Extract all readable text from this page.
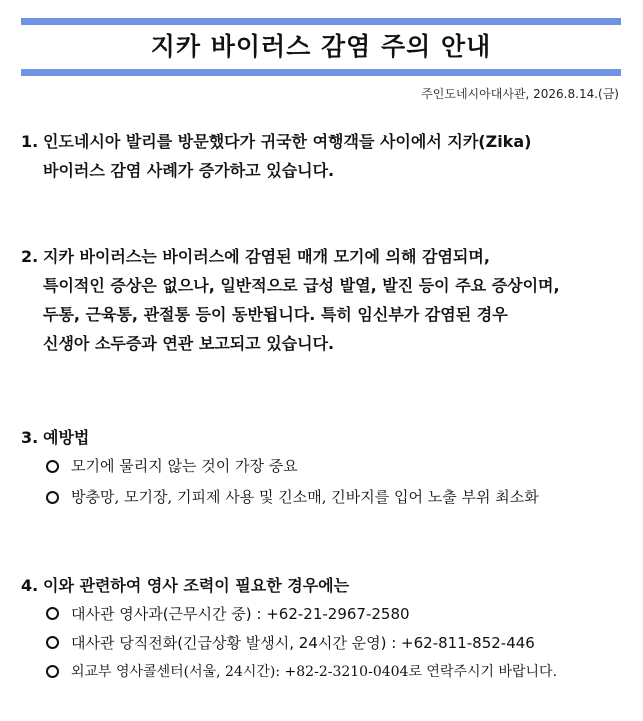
지카 바이러스 감염 주의 안내
주인도네시아대사관, 2026.8.14.(금)
1. 인도네시아 발리를 방문했다가 귀국한 여행객들 사이에서 지카(Zika)

바이러스 감염 사례가 증가하고 있습니다.

2. 지카 바이러스는 바이러스에 감염된 매개 모기에 의해 감염되며,

특이적인 증상은 없으나, 일반적으로 급성 발열, 발진 등이 주요 증상이며,

두통, 근육통, 관절통 등이 동반됩니다. 특히 임신부가 감염된 경우

신생아 소두증과 연관 보고되고 있습니다.

3. 예방법

모기에 물리지 않는 것이 가장 중요
방충망, 모기장, 기피제 사용 및 긴소매, 긴바지를 입어 노출 부위 최소화
4. 이와 관련하여 영사 조력이 필요한 경우에는

대사관 영사과(근무시간 중) : +62-21-2967-2580
대사관 당직전화(긴급상황 발생시, 24시간 운영) : +62-811-852-446
외교부 영사콜센터(서울, 24시간): +82-2-3210-0404로 연락주시기 바랍니다.
